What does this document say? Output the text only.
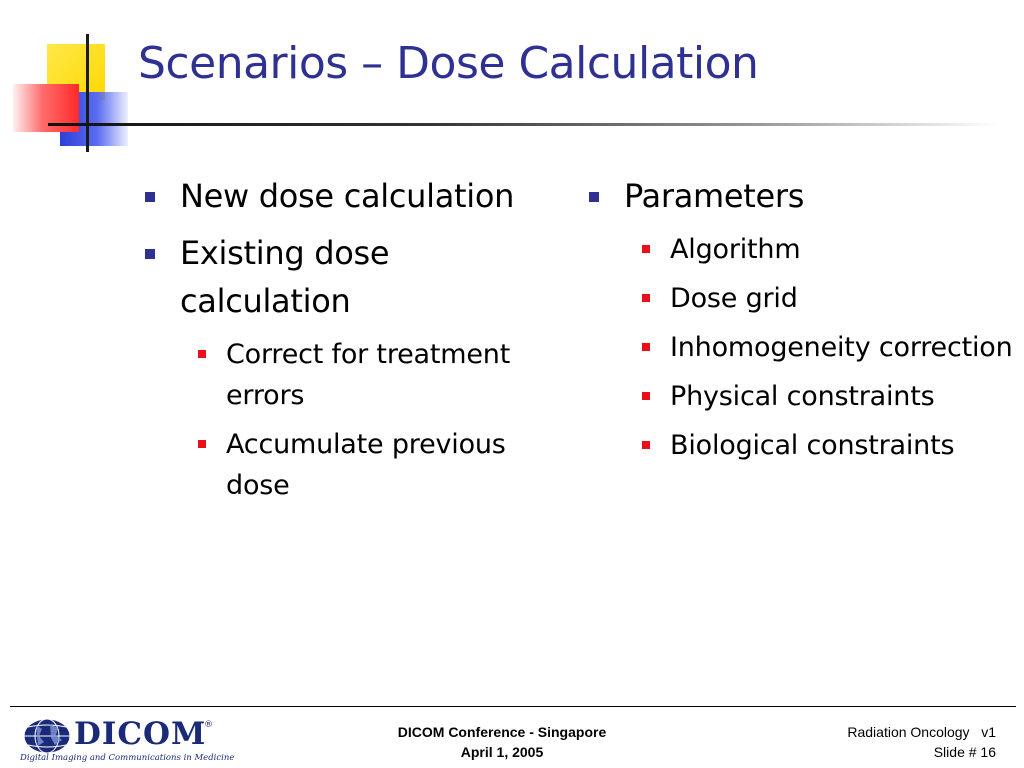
Scenarios – Dose Calculation
New dose calculation
Existing dose calculation
Correct for treatment errors
Accumulate previous dose
Parameters
Algorithm
Dose grid
Inhomogeneity correction
Physical constraints
Biological constraints
DICOM
®
Digital Imaging and Communications in Medicine
DICOM Conference - Singapore
April 1, 2005
Radiation Oncology   v1
Slide # 16
